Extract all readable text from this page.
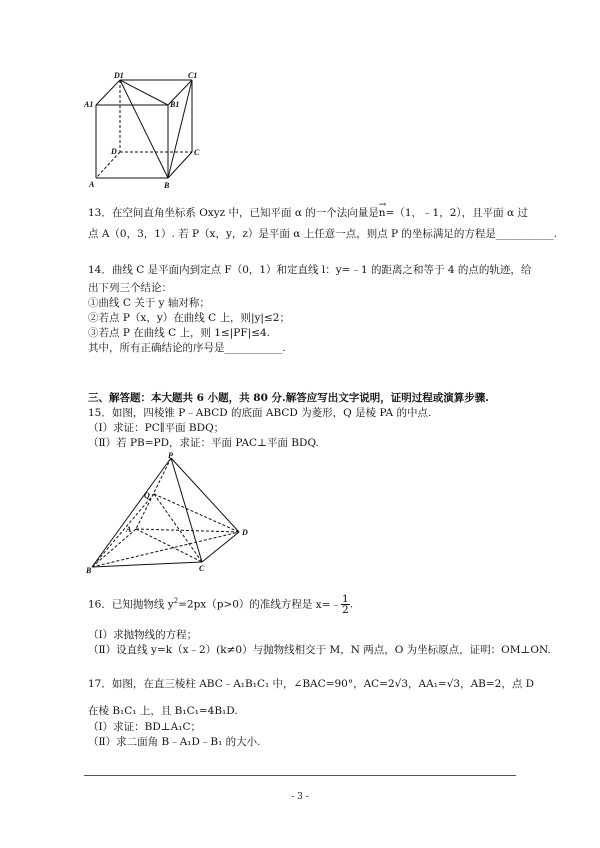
D1	C1
A1	B1
D	C
A	B
13．在空间直角坐标系 Oxyz 中，已知平面 α 的一个法向量是
→
n=（1，﹣1，2），且平面 α 过
点 A（0，3，1）. 若 P（x，y，z）是平面 α 上任意一点，则点 P 的坐标满足的方程是___________.
14．曲线 C 是平面内到定点 F（0，1）和定直线 l：y=﹣1 的距离之和等于 4 的点的轨迹，给
出下列三个结论：
①曲线 C 关于 y 轴对称；
②若点 P（x，y）在曲线 C 上，则|y|≤2；
③若点 P 在曲线 C 上，则 1≤|PF|≤4.
其中，所有正确结论的序号是___________.
三、解答题：本大题共 6 小题，共 80 分.解答应写出文字说明，证明过程或演算步骤.
15．如图，四棱锥 P﹣ABCD 的底面 ABCD 为菱形，Q 是棱 PA 的中点.
（Ⅰ）求证：PC∥平面 BDQ；
（Ⅱ）若 PB=PD，求证：平面 PAC⊥平面 BDQ.
P
Q
A	D
B	C
16．已知抛物线 $y^2=2px(p>0)$的准线方程是 x=﹣ $\frac{1}{2}$ .
（Ⅰ）求抛物线的方程；
（Ⅱ）设直线 y=k（x﹣2）(k≠0）与抛物线相交于 M，N 两点，O 为坐标原点，证明：OM⊥ON.
17．如图，在直三棱柱 ABC﹣A₁B₁C₁ 中，∠BAC=90°，AC=2√3，AA₁=√3，AB=2，点 D
在棱 B₁C₁ 上，且 B₁C₁=4B₁D.
（Ⅰ）求证：BD⊥A₁C；
（Ⅱ）求二面角 B﹣A₁D﹣B₁ 的大小.
- 3 -
